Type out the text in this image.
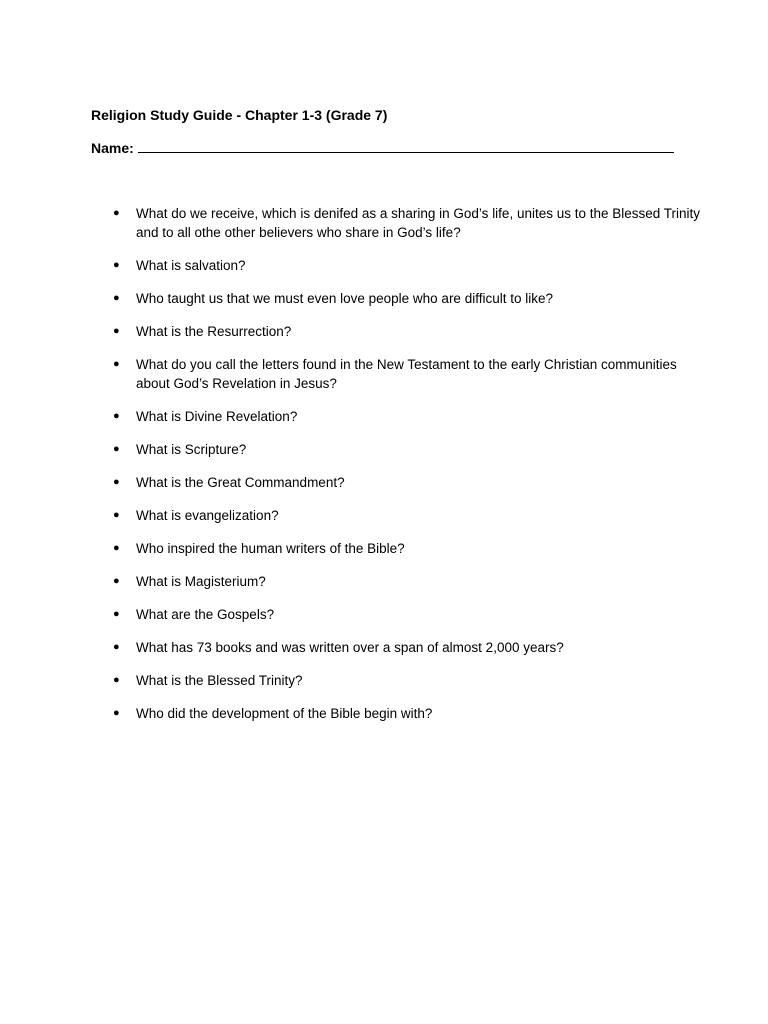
Religion Study Guide - Chapter 1-3 (Grade 7)
Name:
● What do we receive, which is denifed as a sharing in God’s life, unites us to the Blessed Trinity and to all othe other believers who share in God’s life?
● What is salvation?
● Who taught us that we must even love people who are difficult to like?
● What is the Resurrection?
● What do you call the letters found in the New Testament to the early Christian communities about God’s Revelation in Jesus?
● What is Divine Revelation?
● What is Scripture?
● What is the Great Commandment?
● What is evangelization?
● Who inspired the human writers of the Bible?
● What is Magisterium?
● What are the Gospels?
● What has 73 books and was written over a span of almost 2,000 years?
● What is the Blessed Trinity?
● Who did the development of the Bible begin with?
